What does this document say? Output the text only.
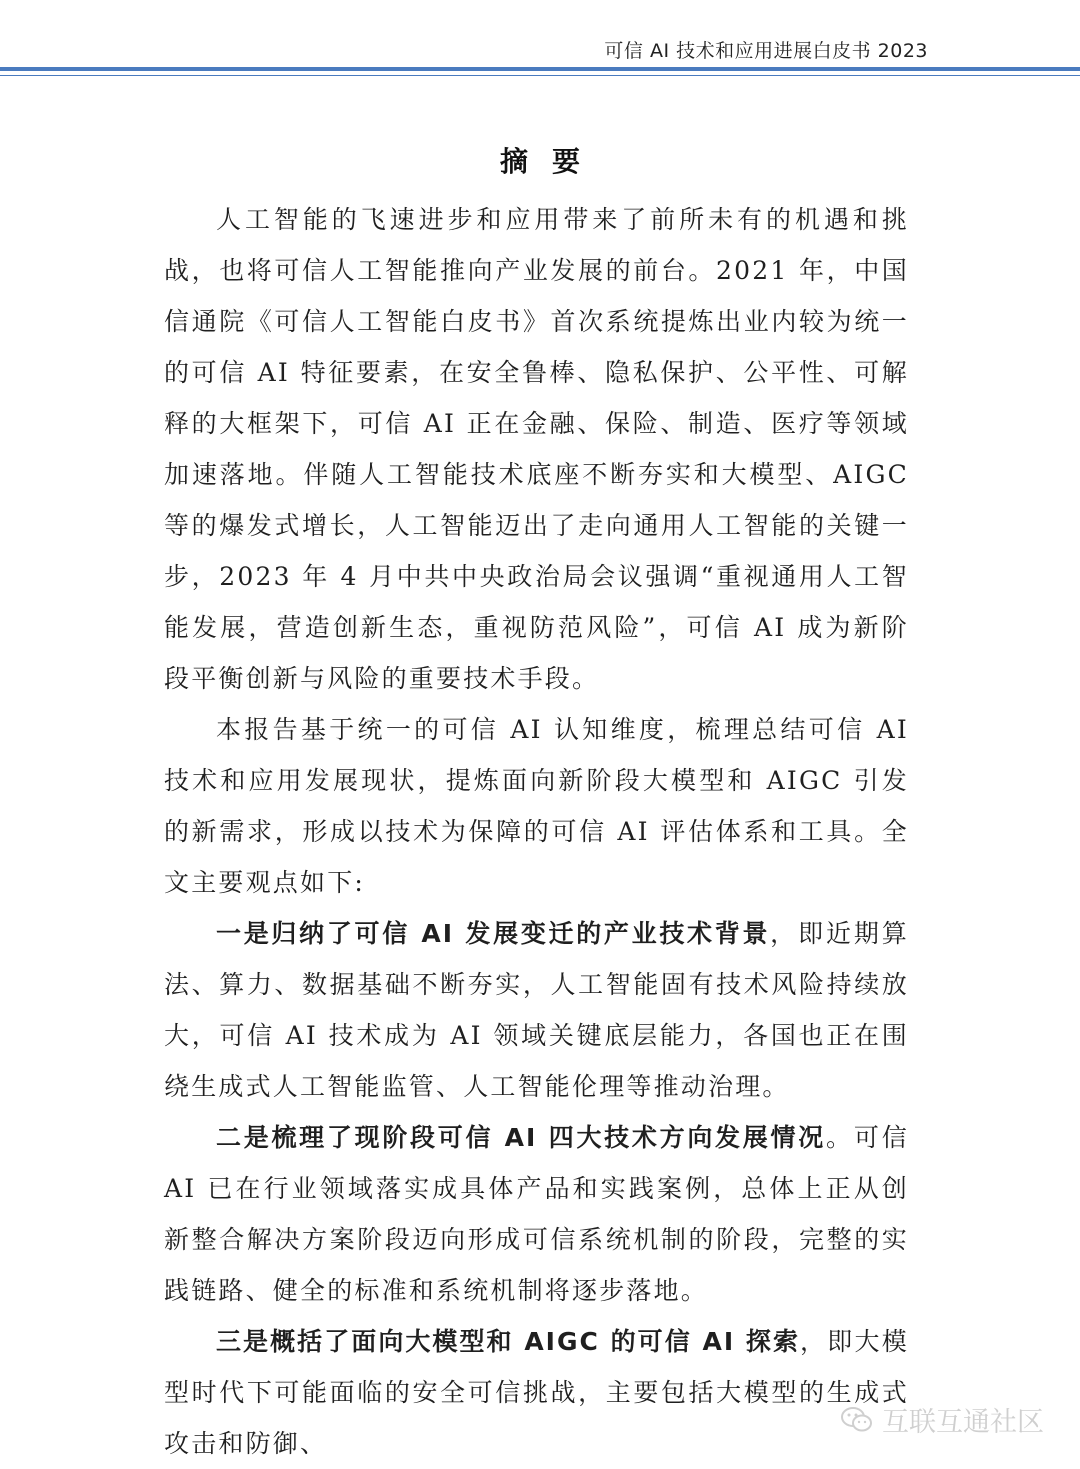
可信 AI 技术和应用进展白皮书 2023
摘要

人工智能的飞速进步和应用带来了前所未有的机遇和挑战，也将可信人工智能推向产业发展的前台。2021 年，中国信通院《可信人工智能白皮书》首次系统提炼出业内较为统一的可信 AI 特征要素，在安全鲁棒、隐私保护、公平性、可解释的大框架下，可信 AI 正在金融、保险、制造、医疗等领域加速落地。伴随人工智能技术底座不断夯实和大模型、AIGC 等的爆发式增长，人工智能迈出了走向通用人工智能的关键一步，2023 年 4 月中共中央政治局会议强调“重视通用人工智能发展，营造创新生态，重视防范风险”，可信 AI 成为新阶段平衡创新与风险的重要技术手段。

本报告基于统一的可信 AI 认知维度，梳理总结可信 AI 技术和应用发展现状，提炼面向新阶段大模型和 AIGC 引发的新需求，形成以技术为保障的可信 AI 评估体系和工具。全文主要观点如下:

一是归纳了可信 AI 发展变迁的产业技术背景，即近期算法、算力、数据基础不断夯实，人工智能固有技术风险持续放大，可信 AI 技术成为 AI 领域关键底层能力，各国也正在围绕生成式人工智能监管、人工智能伦理等推动治理。

二是梳理了现阶段可信 AI 四大技术方向发展情况。可信 AI 已在行业领域落实成具体产品和实践案例，总体上正从创新整合解决方案阶段迈向形成可信系统机制的阶段，完整的实践链路、健全的标准和系统机制将逐步落地。

三是概括了面向大模型和 AIGC 的可信 AI 探索，即大模型时代下可能面临的安全可信挑战，主要包括大模型的生成式攻击和防御、

互联互通社区
